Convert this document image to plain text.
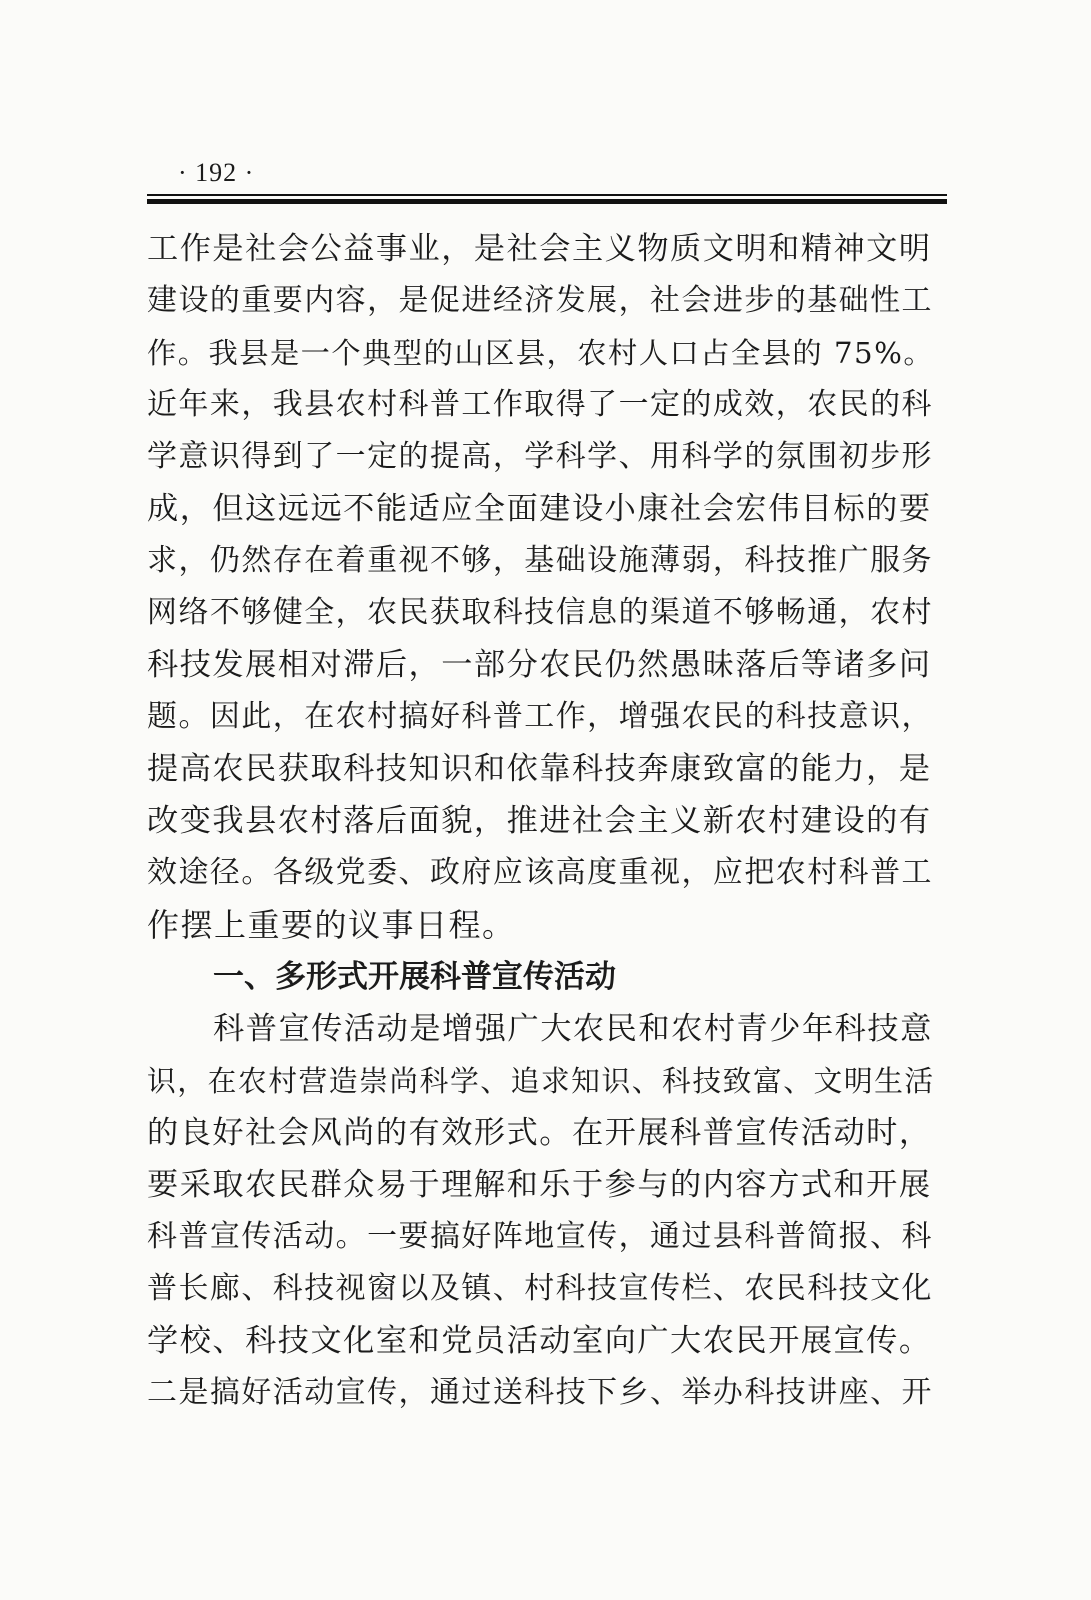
· 192 ·
工作是社会公益事业，是社会主义物质文明和精神文明
建设的重要内容，是促进经济发展，社会进步的基础性工
作。我县是一个典型的山区县，农村人口占全县的 75%。
近年来，我县农村科普工作取得了一定的成效，农民的科
学意识得到了一定的提高，学科学、用科学的氛围初步形
成，但这远远不能适应全面建设小康社会宏伟目标的要
求，仍然存在着重视不够，基础设施薄弱，科技推广服务
网络不够健全，农民获取科技信息的渠道不够畅通，农村
科技发展相对滞后，一部分农民仍然愚昧落后等诸多问
题。因此，在农村搞好科普工作，增强农民的科技意识，
提高农民获取科技知识和依靠科技奔康致富的能力，是
改变我县农村落后面貌，推进社会主义新农村建设的有
效途径。各级党委、政府应该高度重视，应把农村科普工
作摆上重要的议事日程。
一、多形式开展科普宣传活动
科普宣传活动是增强广大农民和农村青少年科技意
识，在农村营造崇尚科学、追求知识、科技致富、文明生活
的良好社会风尚的有效形式。在开展科普宣传活动时，
要采取农民群众易于理解和乐于参与的内容方式和开展
科普宣传活动。一要搞好阵地宣传，通过县科普简报、科
普长廊、科技视窗以及镇、村科技宣传栏、农民科技文化
学校、科技文化室和党员活动室向广大农民开展宣传。
二是搞好活动宣传，通过送科技下乡、举办科技讲座、开
